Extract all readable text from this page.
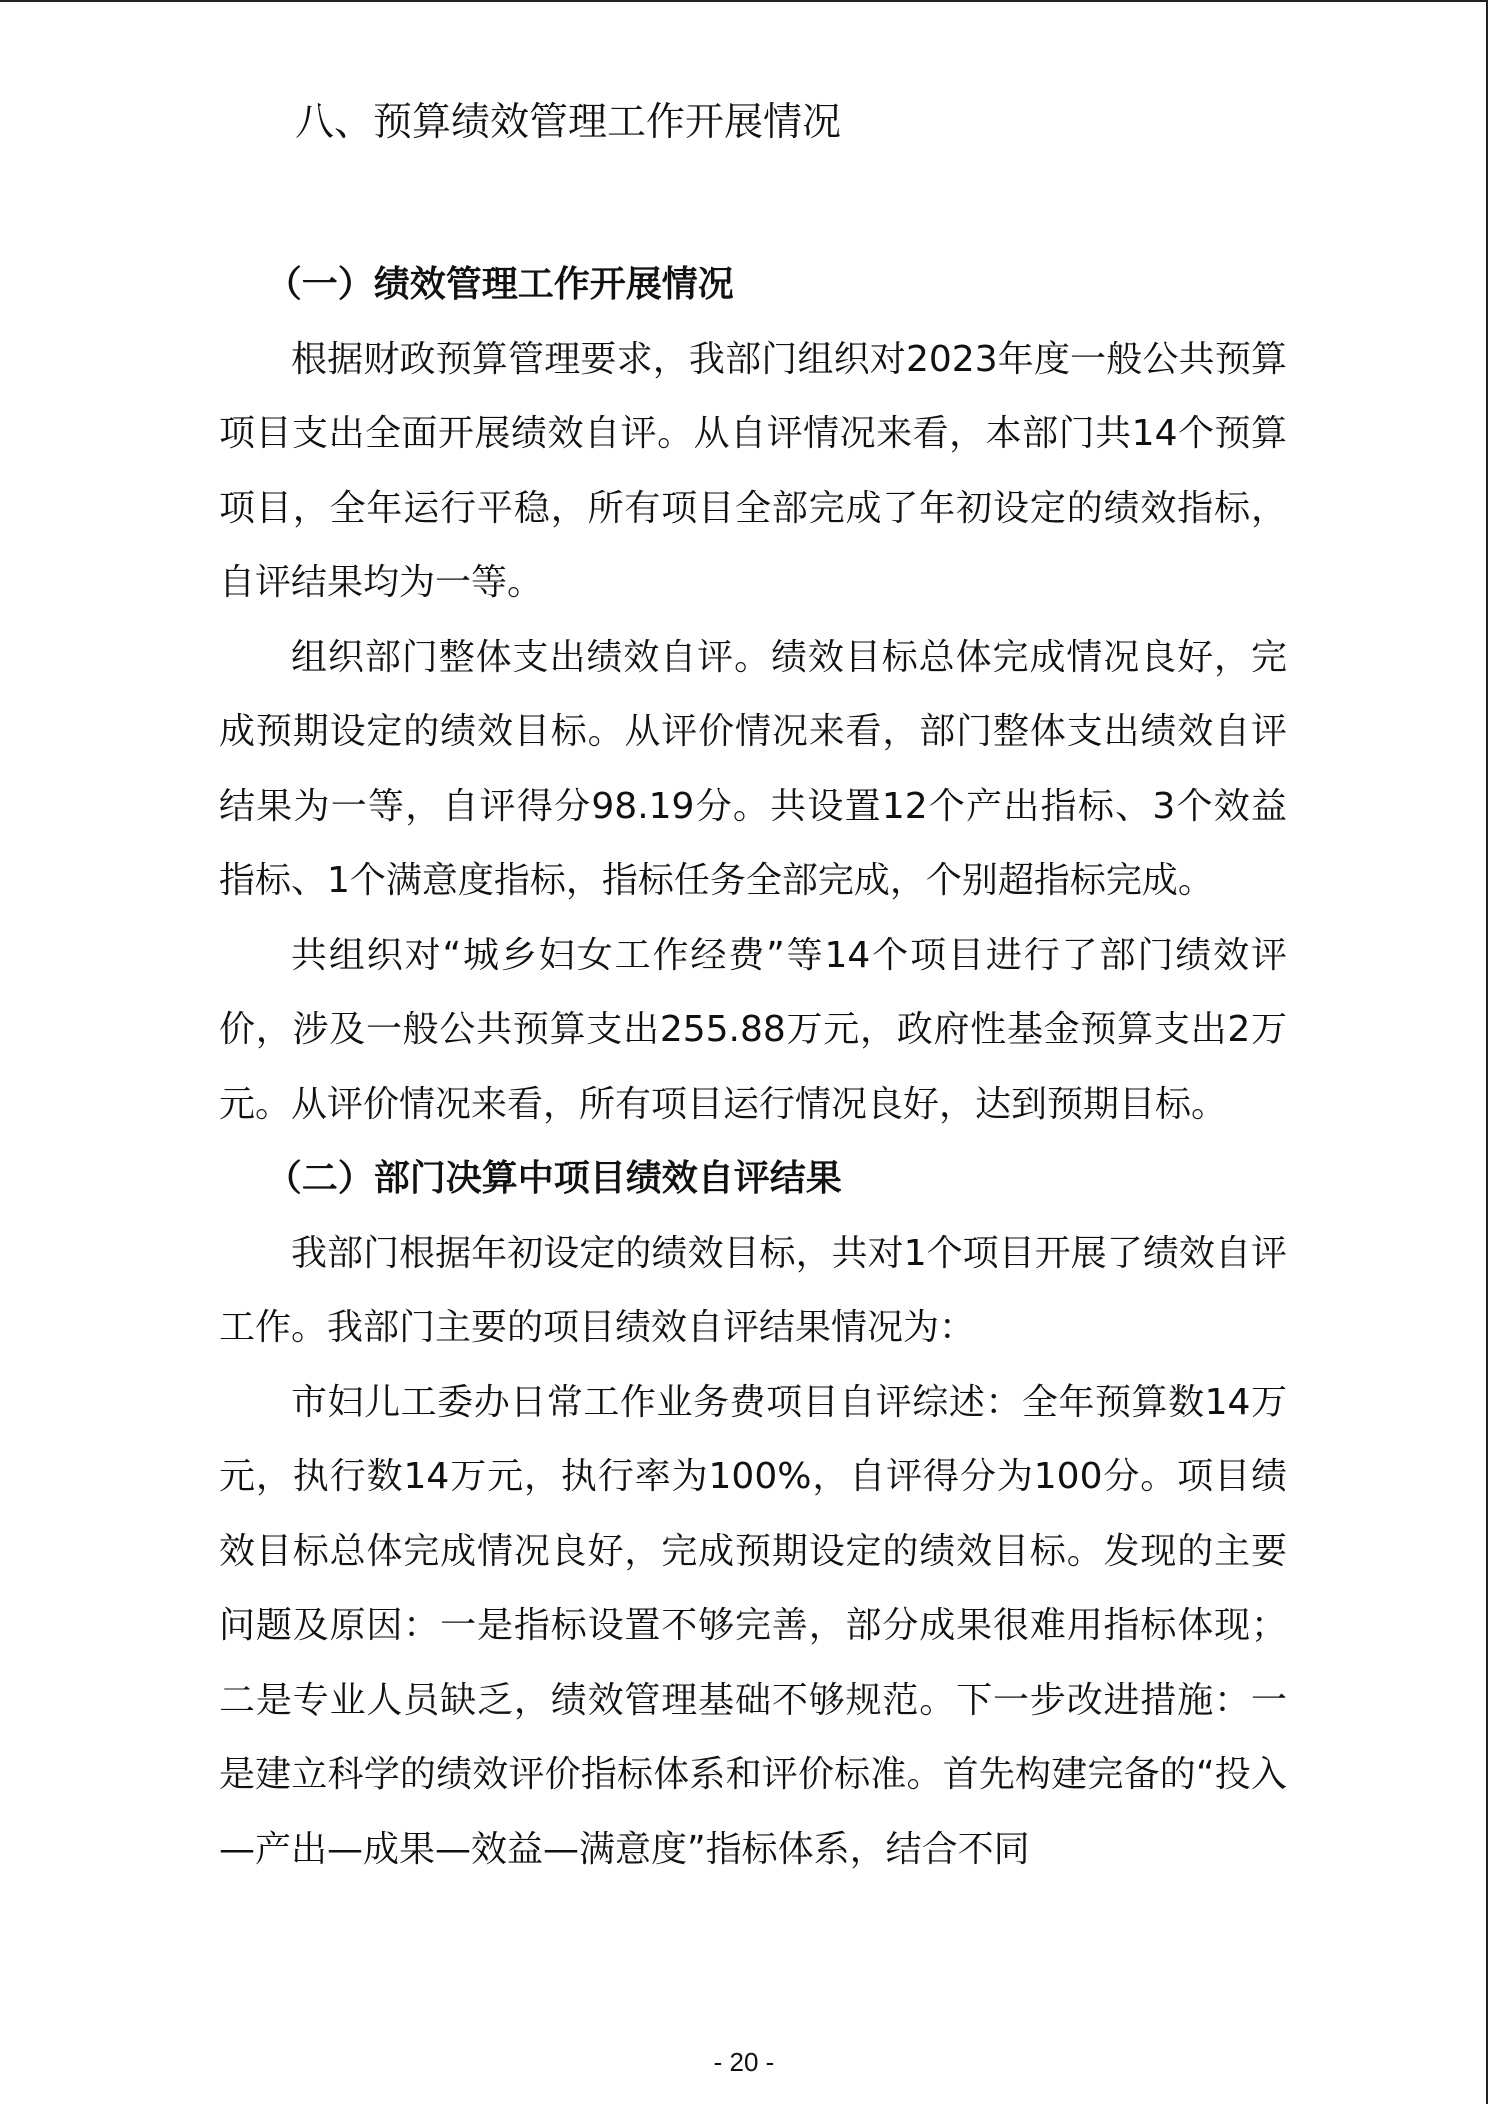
八、预算绩效管理工作开展情况

（一）绩效管理工作开展情况

根据财政预算管理要求，我部门组织对2023年度一般公共预算项目支出全面开展绩效自评。从自评情况来看，本部门共14个预算项目，全年运行平稳，所有项目全部完成了年初设定的绩效指标，自评结果均为一等。

组织部门整体支出绩效自评。绩效目标总体完成情况良好，完成预期设定的绩效目标。从评价情况来看，部门整体支出绩效自评结果为一等，自评得分98.19分。共设置12个产出指标、3个效益指标、1个满意度指标，指标任务全部完成，个别超指标完成。

共组织对“城乡妇女工作经费”等14个项目进行了部门绩效评价，涉及一般公共预算支出255.88万元，政府性基金预算支出2万元。从评价情况来看，所有项目运行情况良好，达到预期目标。

（二）部门决算中项目绩效自评结果

我部门根据年初设定的绩效目标，共对1个项目开展了绩效自评工作。我部门主要的项目绩效自评结果情况为：

市妇儿工委办日常工作业务费项目自评综述：全年预算数14万元，执行数14万元，执行率为100%，自评得分为100分。项目绩效目标总体完成情况良好，完成预期设定的绩效目标。发现的主要问题及原因：一是指标设置不够完善，部分成果很难用指标体现；二是专业人员缺乏，绩效管理基础不够规范。下一步改进措施：一是建立科学的绩效评价指标体系和评价标准。首先构建完备的“投入—产出—成果—效益—满意度”指标体系，结合不同

- 20 -
